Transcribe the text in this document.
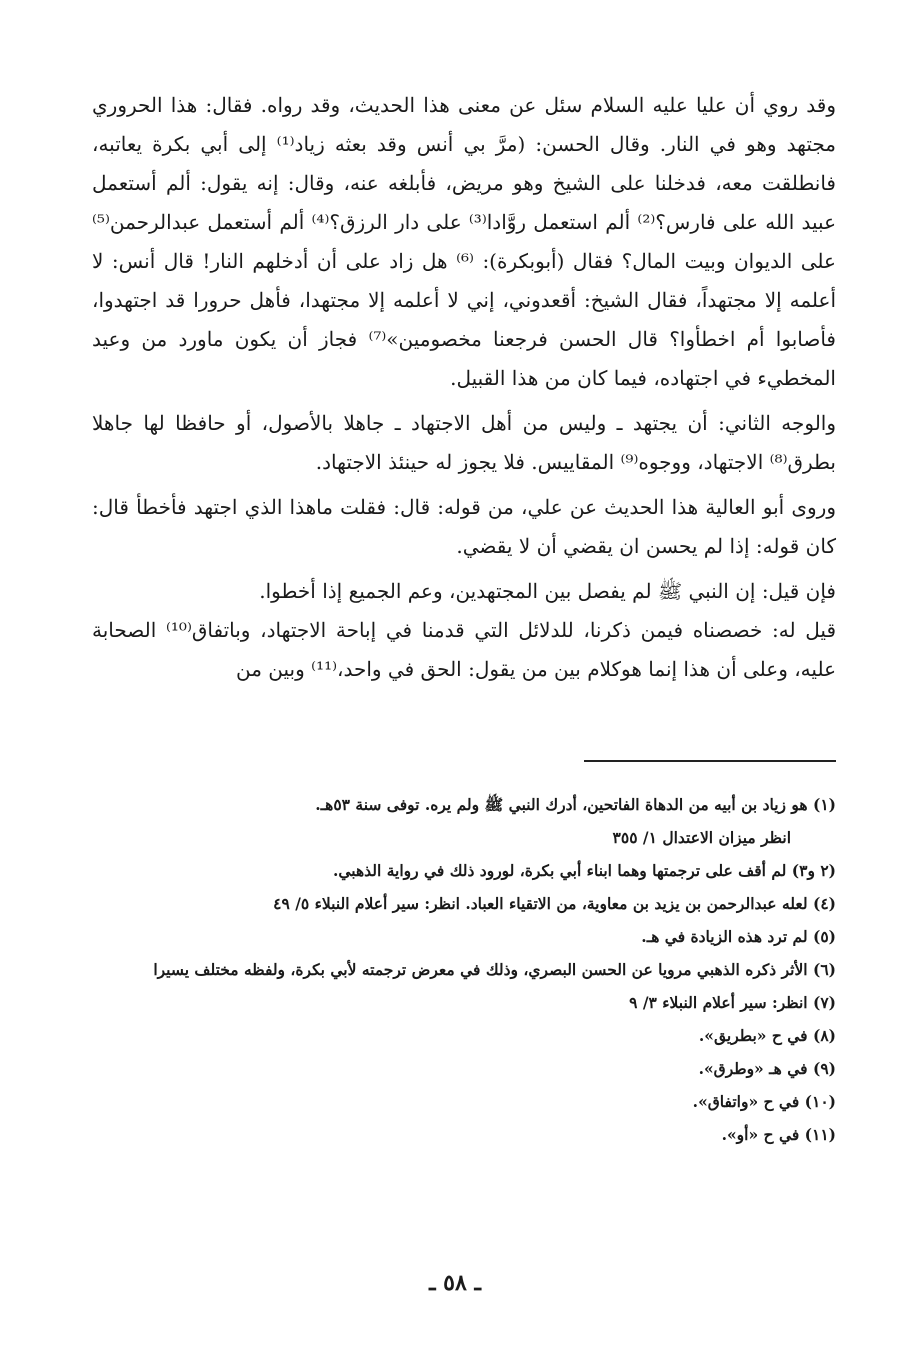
وقد روي أن عليا عليه السلام سئل عن معنى هذا الحديث، وقد رواه. فقال: هذا الحروري مجتهد وهو في النار. وقال الحسن: (مرَّ بي أنس وقد بعثه زياد⁽¹⁾ إلى أبي بكرة يعاتبه، فانطلقت معه، فدخلنا على الشيخ وهو مريض، فأبلغه عنه، وقال: إنه يقول: ألم أستعمل عبيد الله على فارس؟⁽²⁾ ألم استعمل روَّادا⁽³⁾ على دار الرزق؟⁽⁴⁾ ألم أستعمل عبدالرحمن⁽⁵⁾ على الديوان وبيت المال؟ فقال (أبوبكرة): ⁽⁶⁾ هل زاد على أن أدخلهم النار! قال أنس: لا أعلمه إلا مجتهداً، فقال الشيخ: أقعدوني، إني لا أعلمه إلا مجتهدا، فأهل حرورا قد اجتهدوا، فأصابوا أم اخطأوا؟ قال الحسن فرجعنا مخصومين»⁽⁷⁾ فجاز أن يكون ماورد من وعيد المخطيء في اجتهاده، فيما كان من هذا القبيل.

والوجه الثاني: أن يجتهد ـ وليس من أهل الاجتهاد ـ جاهلا بالأصول، أو حافظا لها جاهلا بطرق⁽⁸⁾ الاجتهاد، ووجوه⁽⁹⁾ المقاييس. فلا يجوز له حينئذ الاجتهاد.

وروى أبو العالية هذا الحديث عن علي، من قوله: قال: فقلت ماهذا الذي اجتهد فأخطأ قال: كان قوله: إذا لم يحسن ان يقضي أن لا يقضي.

فإن قيل: إن النبي ﷺ لم يفصل بين المجتهدين، وعم الجميع إذا أخطوا.

قيل له: خصصناه فيمن ذكرنا، للدلائل التي قدمنا في إباحة الاجتهاد، وباتفاق⁽¹⁰⁾ الصحابة عليه، وعلى أن هذا إنما هوكلام بين من يقول: الحق في واحد،⁽¹¹⁾ وبين من

(١) هو زياد بن أبيه من الدهاة الفاتحين، أدرك النبي ﷺ ولم يره. توفى سنة ٥٣هـ.

انظر ميزان الاعتدال ١/ ٣٥٥

(٢ و٣) لم أقف على ترجمتها وهما ابناء أبي بكرة، لورود ذلك في رواية الذهبي.

(٤) لعله عبدالرحمن بن يزيد بن معاوية، من الاتقياء العباد. انظر: سير أعلام النبلاء ٥/ ٤٩

(٥) لم ترد هذه الزيادة في هـ.

(٦) الأثر ذكره الذهبي مرويا عن الحسن البصري، وذلك في معرض ترجمته لأبي بكرة، ولفظه مختلف يسيرا

(٧) انظر: سير أعلام النبلاء ٣/ ٩

(٨) في ح «بطريق».

(٩) في هـ «وطرق».

(١٠) في ح «واتفاق».

(١١) في ح «أو».

ـ ٥٨ ـ
